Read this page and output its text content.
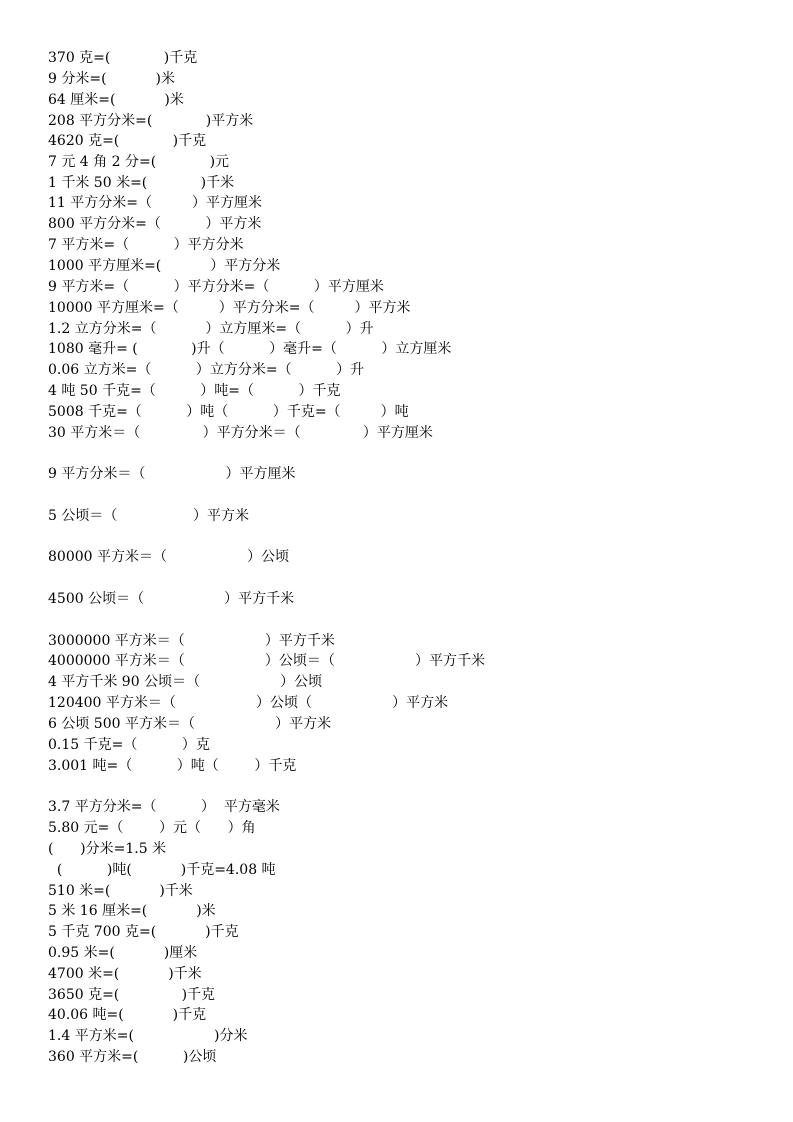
370 克=(            )千克
9 分米=(           )米
64 厘米=(           )米
208 平方分米=(            )平方米
4620 克=(            )千克
7 元 4 角 2 分=(            )元
1 千米 50 米=(            )千米
11 平方分米=（         ）平方厘米
800 平方分米=（          ）平方米
7 平方米=（          ）平方分米
1000 平方厘米=(           ）平方分米
9 平方米=（          ）平方分米=（          ）平方厘米
10000 平方厘米=（         ）平方分米=（         ）平方米
1.2 立方分米=（           ）立方厘米=（          ）升
1080 毫升= (            )升（          ）毫升=（          ）立方厘米
0.06 立方米=（          ）立方分米=（          ）升
4 吨 50 千克=（          ）吨=（          ）千克
5008 千克=（          ）吨（          ）千克=（         ）吨
30 平方米＝（              ）平方分米＝（              ）平方厘米
9 平方分米＝（                  ）平方厘米
5 公顷＝（                 ）平方米
80000 平方米＝（                  ）公顷
4500 公顷＝（                  ）平方千米
3000000 平方米＝（                  ）平方千米
4000000 平方米＝（                  ）公顷＝（                  ）平方千米
4 平方千米 90 公顷＝（                  ）公顷
120400 平方米＝（                  ）公顷（                  ）平方米
6 公顷 500 平方米＝（                  ）平方米
0.15 千克=（          ）克
3.001 吨=（          ）吨（        ）千克
3.7 平方分米=（          ）  平方毫米
5.80 元=（        ）元（      ）角
(      )分米=1.5 米
(          )吨(           )千克=4.08 吨
510 米=(           )千米
5 米 16 厘米=(           )米
5 千克 700 克=(           )千克
0.95 米=(           )厘米
4700 米=(           )千米
3650 克=(              )千克
40.06 吨=(           )千克
1.4 平方米=(                  )分米
360 平方米=(          )公顷
